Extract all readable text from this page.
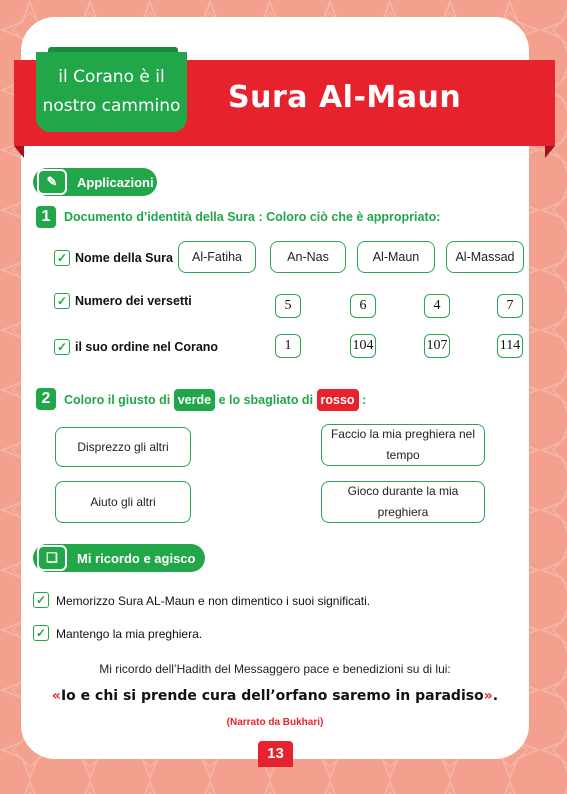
il Corano è il
nostro cammino Sura Al-Maun
✎	Applicazioni
1	Documento d’identità della Sura : Coloro ciò che è appropriato:
✓ Nome della Sura	Al-Fatiha	An-Nas	Al-Maun	Al-Massad
✓ Numero dei versetti	5	6	4	7
✓ il suo ordine nel Corano	1	104	107	114
2	Coloro il giusto di verde e lo sbagliato di rosso :
Disprezzo gli altri
Faccio la mia preghiera nel tempo
Aiuto gli altri
Gioco durante la mia preghiera
❏	Mi ricordo e agisco
✓ Memorizzo Sura AL-Maun e non dimentico i suoi significati.
✓ Mantengo la mia preghiera.
Mi ricordo dell’Hadith del Messaggero pace e benedizioni su di lui:
«Io e chi si prende cura dell’orfano saremo in paradiso».
(Narrato da Bukhari)
13
